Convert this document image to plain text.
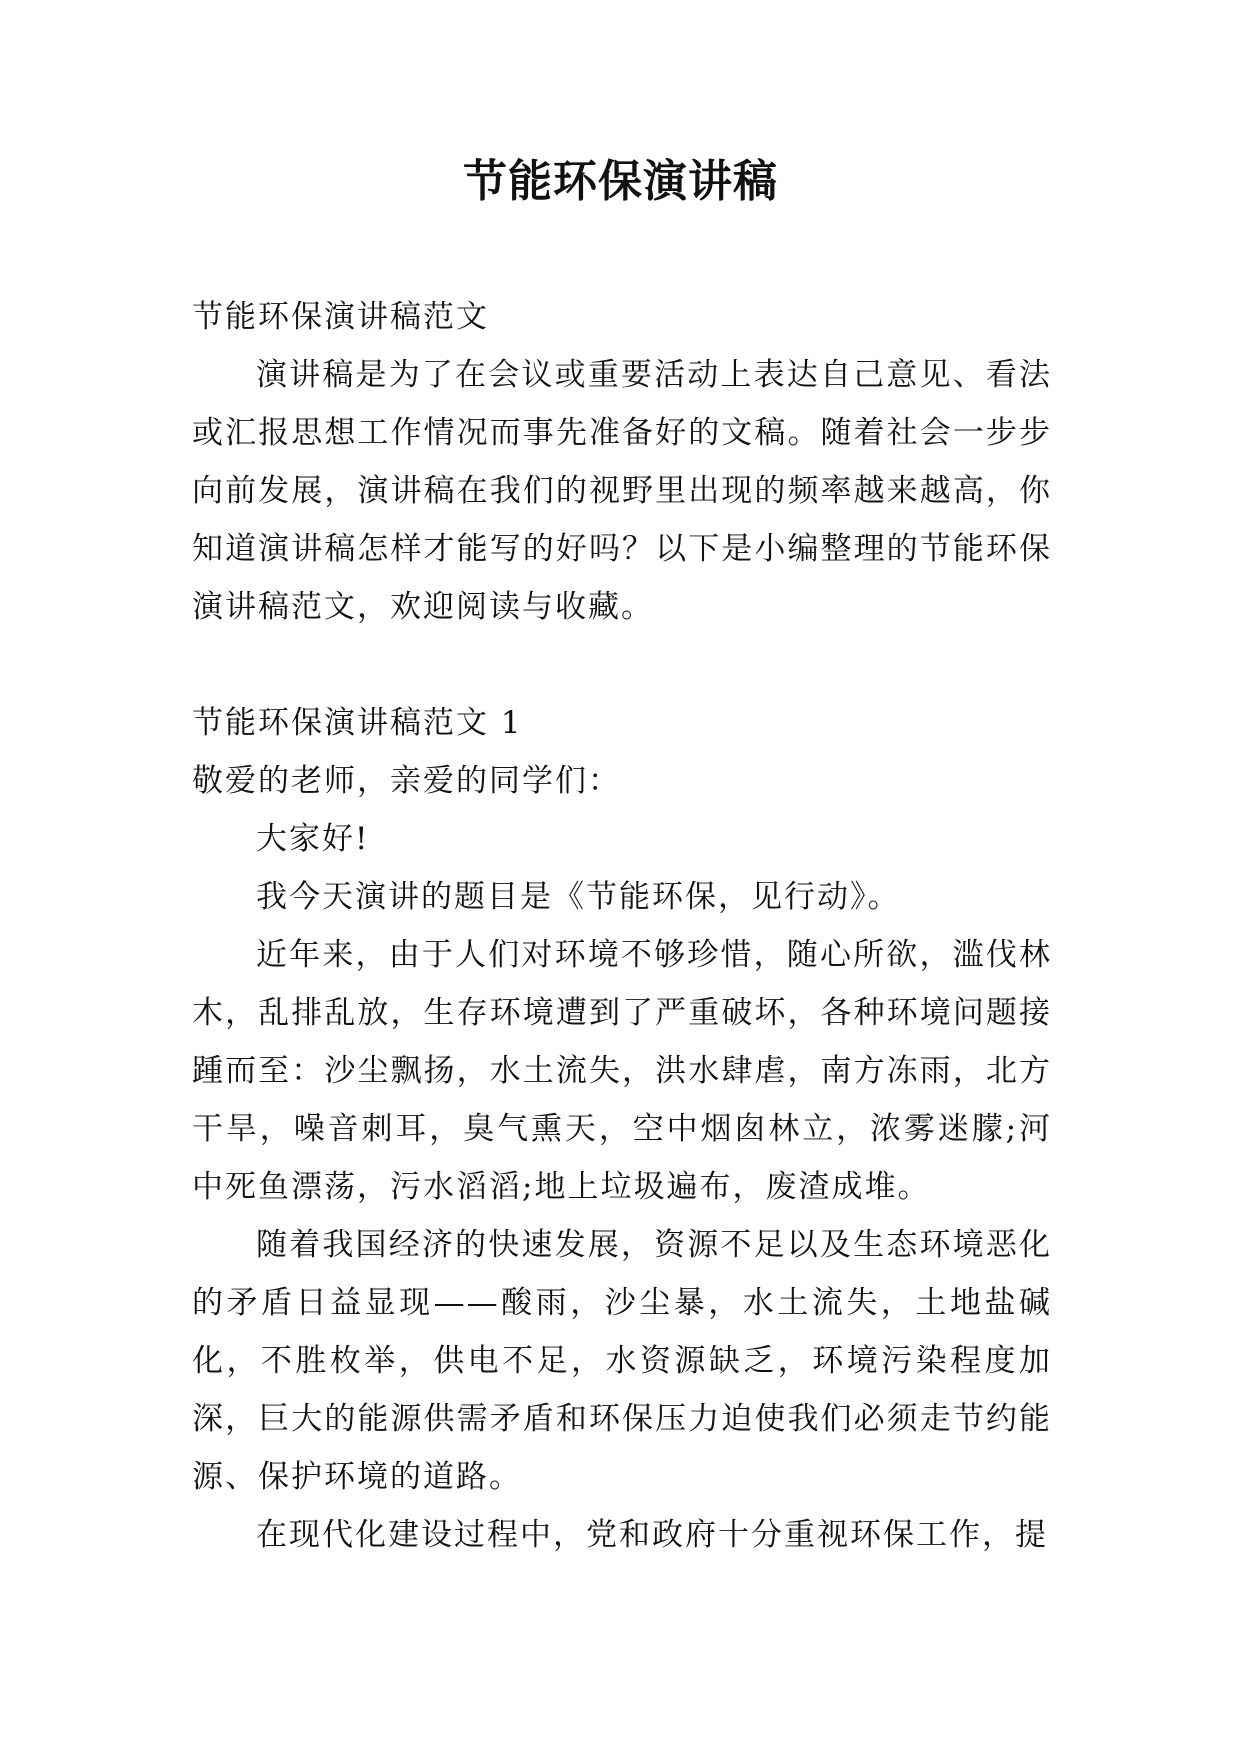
节能环保演讲稿

节能环保演讲稿范文

演讲稿是为了在会议或重要活动上表达自己意见、看法或汇报思想工作情况而事先准备好的文稿。随着社会一步步向前发展，演讲稿在我们的视野里出现的频率越来越高，你知道演讲稿怎样才能写的好吗？以下是小编整理的节能环保演讲稿范文，欢迎阅读与收藏。

节能环保演讲稿范文 1

敬爱的老师，亲爱的同学们：

大家好!

我今天演讲的题目是《节能环保，见行动》。

近年来，由于人们对环境不够珍惜，随心所欲，滥伐林木，乱排乱放，生存环境遭到了严重破坏，各种环境问题接踵而至：沙尘飘扬，水土流失，洪水肆虐，南方冻雨，北方干旱，噪音刺耳，臭气熏天，空中烟囱林立，浓雾迷朦;河中死鱼漂荡，污水滔滔;地上垃圾遍布，废渣成堆。

随着我国经济的快速发展，资源不足以及生态环境恶化的矛盾日益显现——酸雨，沙尘暴，水土流失，土地盐碱化，不胜枚举，供电不足，水资源缺乏，环境污染程度加深，巨大的能源供需矛盾和环保压力迫使我们必须走节约能源、保护环境的道路。

在现代化建设过程中，党和政府十分重视环保工作，提
